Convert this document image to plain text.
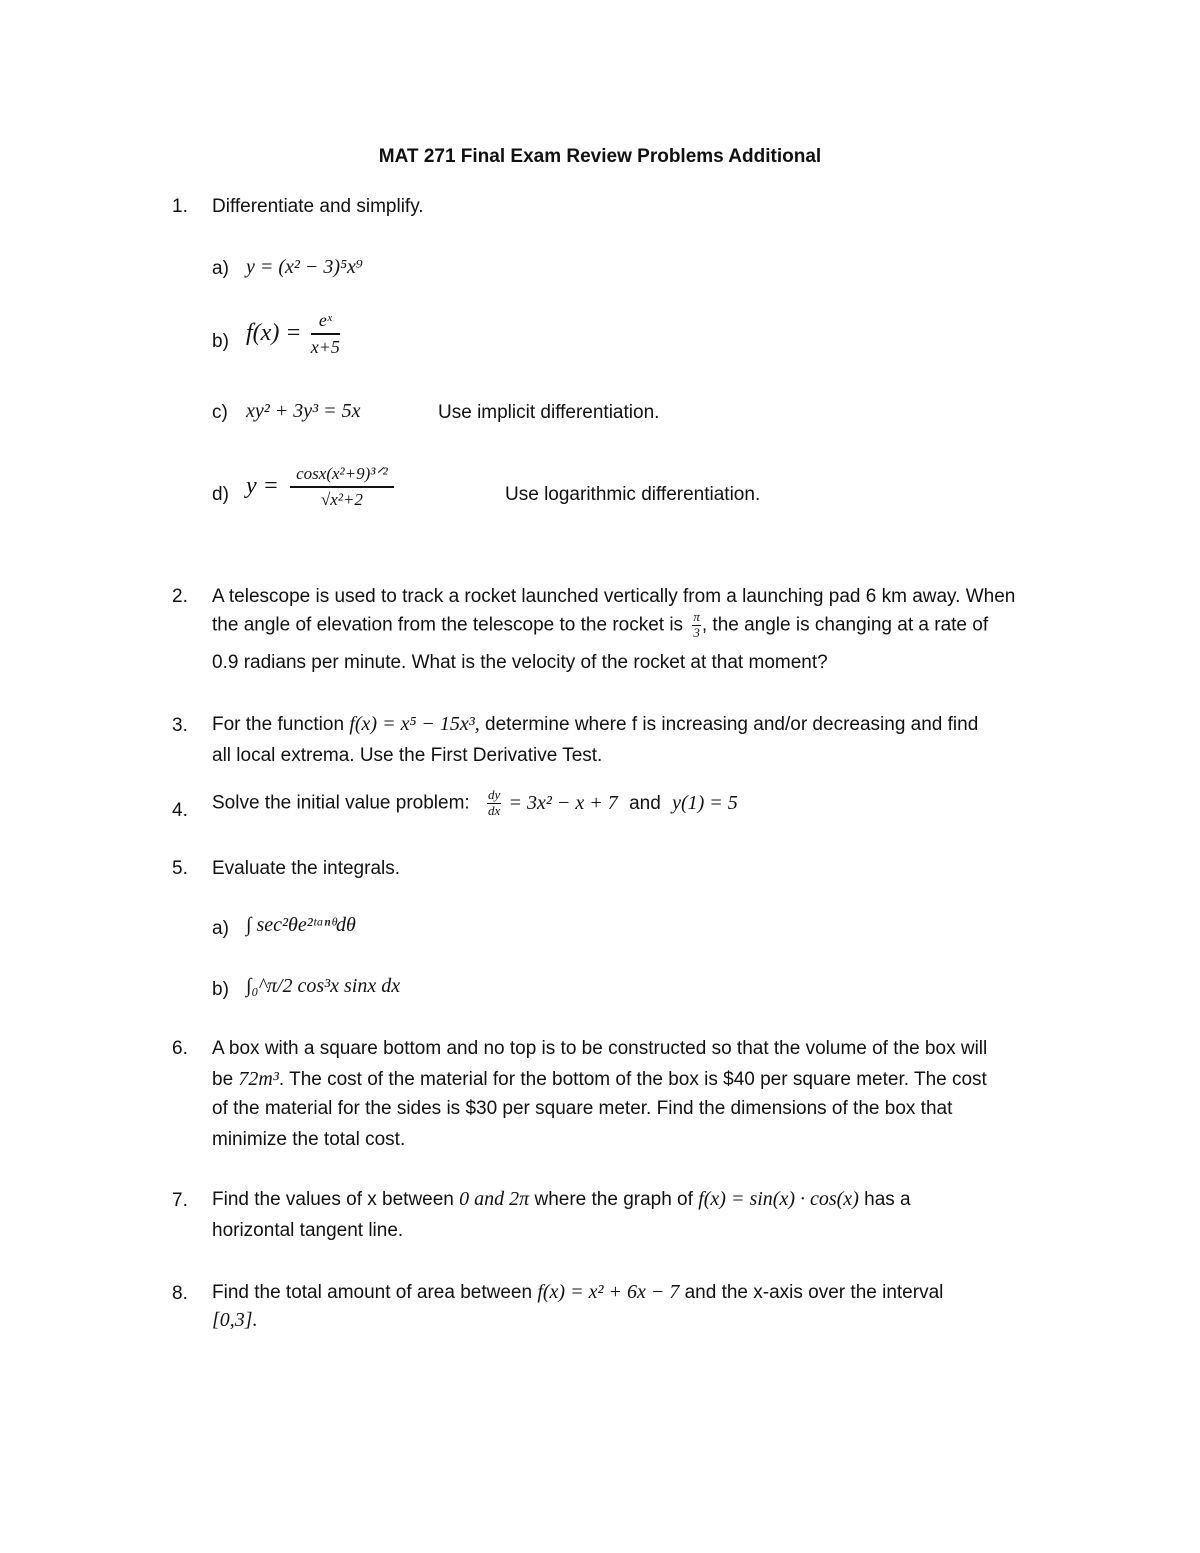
MAT 271 Final Exam Review Problems Additional
1. Differentiate and simplify.
a) y = (x² − 3)⁵x⁹
b) $f(x) = \frac{\text{eˣ}}{x+5}$
c) xy² + 3y³ = 5x	Use implicit differentiation.
d) $y = \frac{\text{cosx(x²+9)³ᐟ²}}{\text{√x²+2}}$	Use logarithmic differentiation.
2. A telescope is used to track a rocket launched vertically from a launching pad 6 km away. When
the angle of elevation from the telescope to the rocket is $\frac{\pi}{3}$ , the angle is changing at a rate of
0.9 radians per minute. What is the velocity of the rocket at that moment?
3. For the function f(x) = x⁵ − 15x³, determine where f is increasing and/or decreasing and find
all local extrema. Use the First Derivative Test.
4. Solve the initial value problem: $\frac{dy}{dx} = 3x^2 - x + 7$ and y(1) = 5
5. Evaluate the integrals.
a) ∫ sec²θe²ᵗᵃⁿᶿdθ
b) ∫₀^π/2 cos³x sinx dx
6. A box with a square bottom and no top is to be constructed so that the volume of the box will
be 72m³. The cost of the material for the bottom of the box is $40 per square meter. The cost
of the material for the sides is $30 per square meter. Find the dimensions of the box that
minimize the total cost.
7. Find the values of x between 0 and 2π where the graph of f(x) = sin(x) · cos(x) has a
horizontal tangent line.
8. Find the total amount of area between f(x) = x² + 6x − 7 and the x-axis over the interval
[0,3].
